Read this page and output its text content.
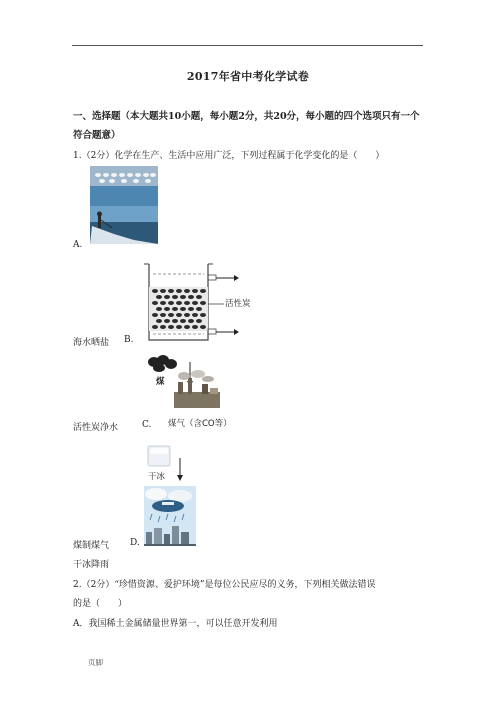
2017年省中考化学试卷
一、选择题（本大题共10小题，每小题2分，共20分，每小题的四个选项只有一个符合题意）
1.（2分）化学在生产、生活中应用广泛，下列过程属于化学变化的是（　　）
A.
活性炭
海水晒盐 B.
煤
煤气（含CO等）
活性炭净水	C.
干冰
煤制煤气 D.
干冰降雨
2.（2分）“珍惜资源、爱护环境”是每位公民应尽的义务，下列相关做法错误
的是（　　）
A．我国稀土金属储量世界第一，可以任意开发利用
页脚
